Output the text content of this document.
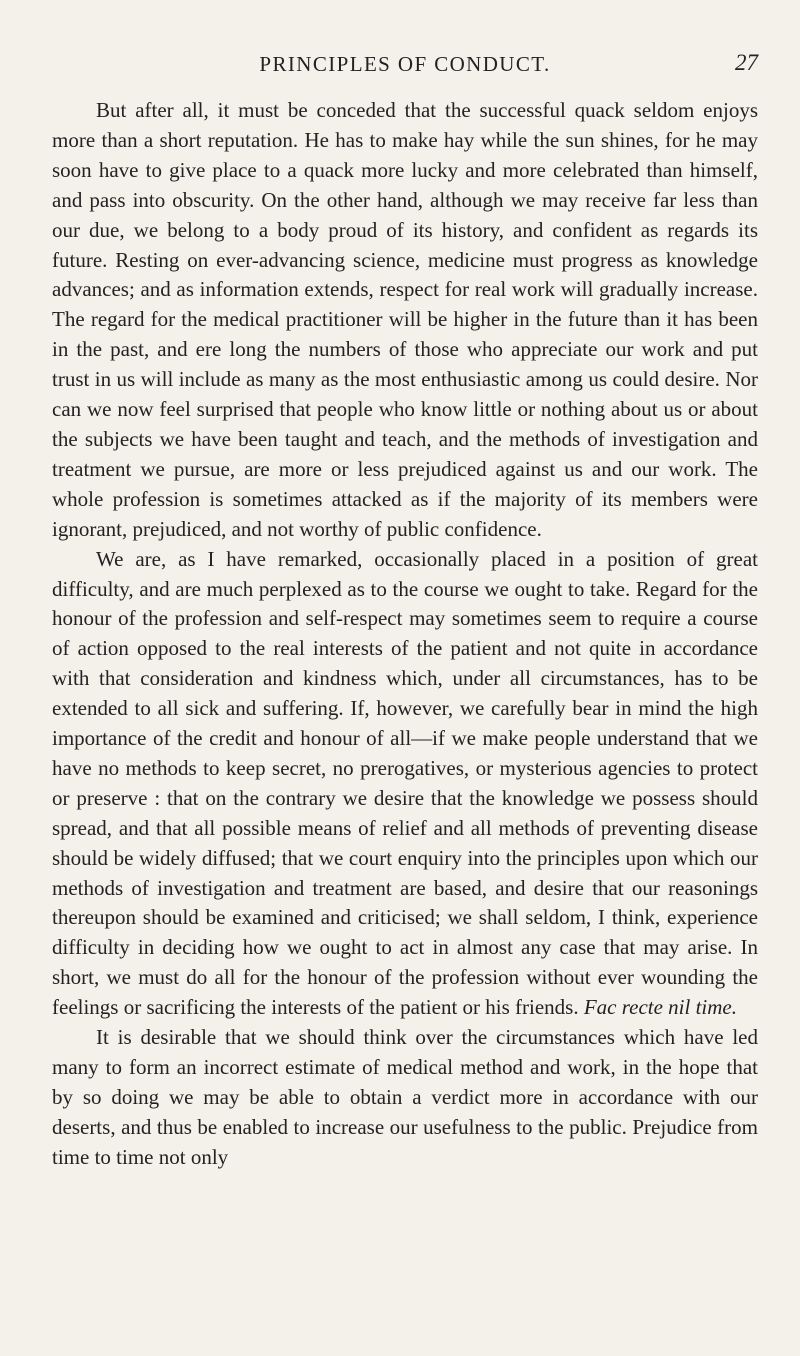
PRINCIPLES OF CONDUCT.	27

But after all, it must be conceded that the successful quack seldom enjoys more than a short reputation. He has to make hay while the sun shines, for he may soon have to give place to a quack more lucky and more celebrated than himself, and pass into obscurity. On the other hand, although we may receive far less than our due, we belong to a body proud of its history, and confident as regards its future. Resting on ever-advancing science, medicine must progress as knowledge advances; and as information extends, respect for real work will gradually increase. The regard for the medical practitioner will be higher in the future than it has been in the past, and ere long the numbers of those who appreciate our work and put trust in us will include as many as the most enthusiastic among us could desire. Nor can we now feel surprised that people who know little or nothing about us or about the subjects we have been taught and teach, and the methods of investigation and treatment we pursue, are more or less prejudiced against us and our work. The whole profession is sometimes attacked as if the majority of its members were ignorant, prejudiced, and not worthy of public confidence.

We are, as I have remarked, occasionally placed in a position of great difficulty, and are much perplexed as to the course we ought to take. Regard for the honour of the profession and self-respect may sometimes seem to require a course of action opposed to the real interests of the patient and not quite in accordance with that consideration and kindness which, under all circumstances, has to be extended to all sick and suffering. If, however, we carefully bear in mind the high importance of the credit and honour of all—if we make people understand that we have no methods to keep secret, no prerogatives, or mysterious agencies to protect or preserve : that on the contrary we desire that the knowledge we possess should spread, and that all possible means of relief and all methods of preventing disease should be widely diffused; that we court enquiry into the principles upon which our methods of investigation and treatment are based, and desire that our reasonings thereupon should be examined and criticised; we shall seldom, I think, experience difficulty in deciding how we ought to act in almost any case that may arise. In short, we must do all for the honour of the profession without ever wounding the feelings or sacrificing the interests of the patient or his friends. Fac recte nil time.

It is desirable that we should think over the circumstances which have led many to form an incorrect estimate of medical method and work, in the hope that by so doing we may be able to obtain a verdict more in accordance with our deserts, and thus be enabled to increase our usefulness to the public. Prejudice from time to time not only
